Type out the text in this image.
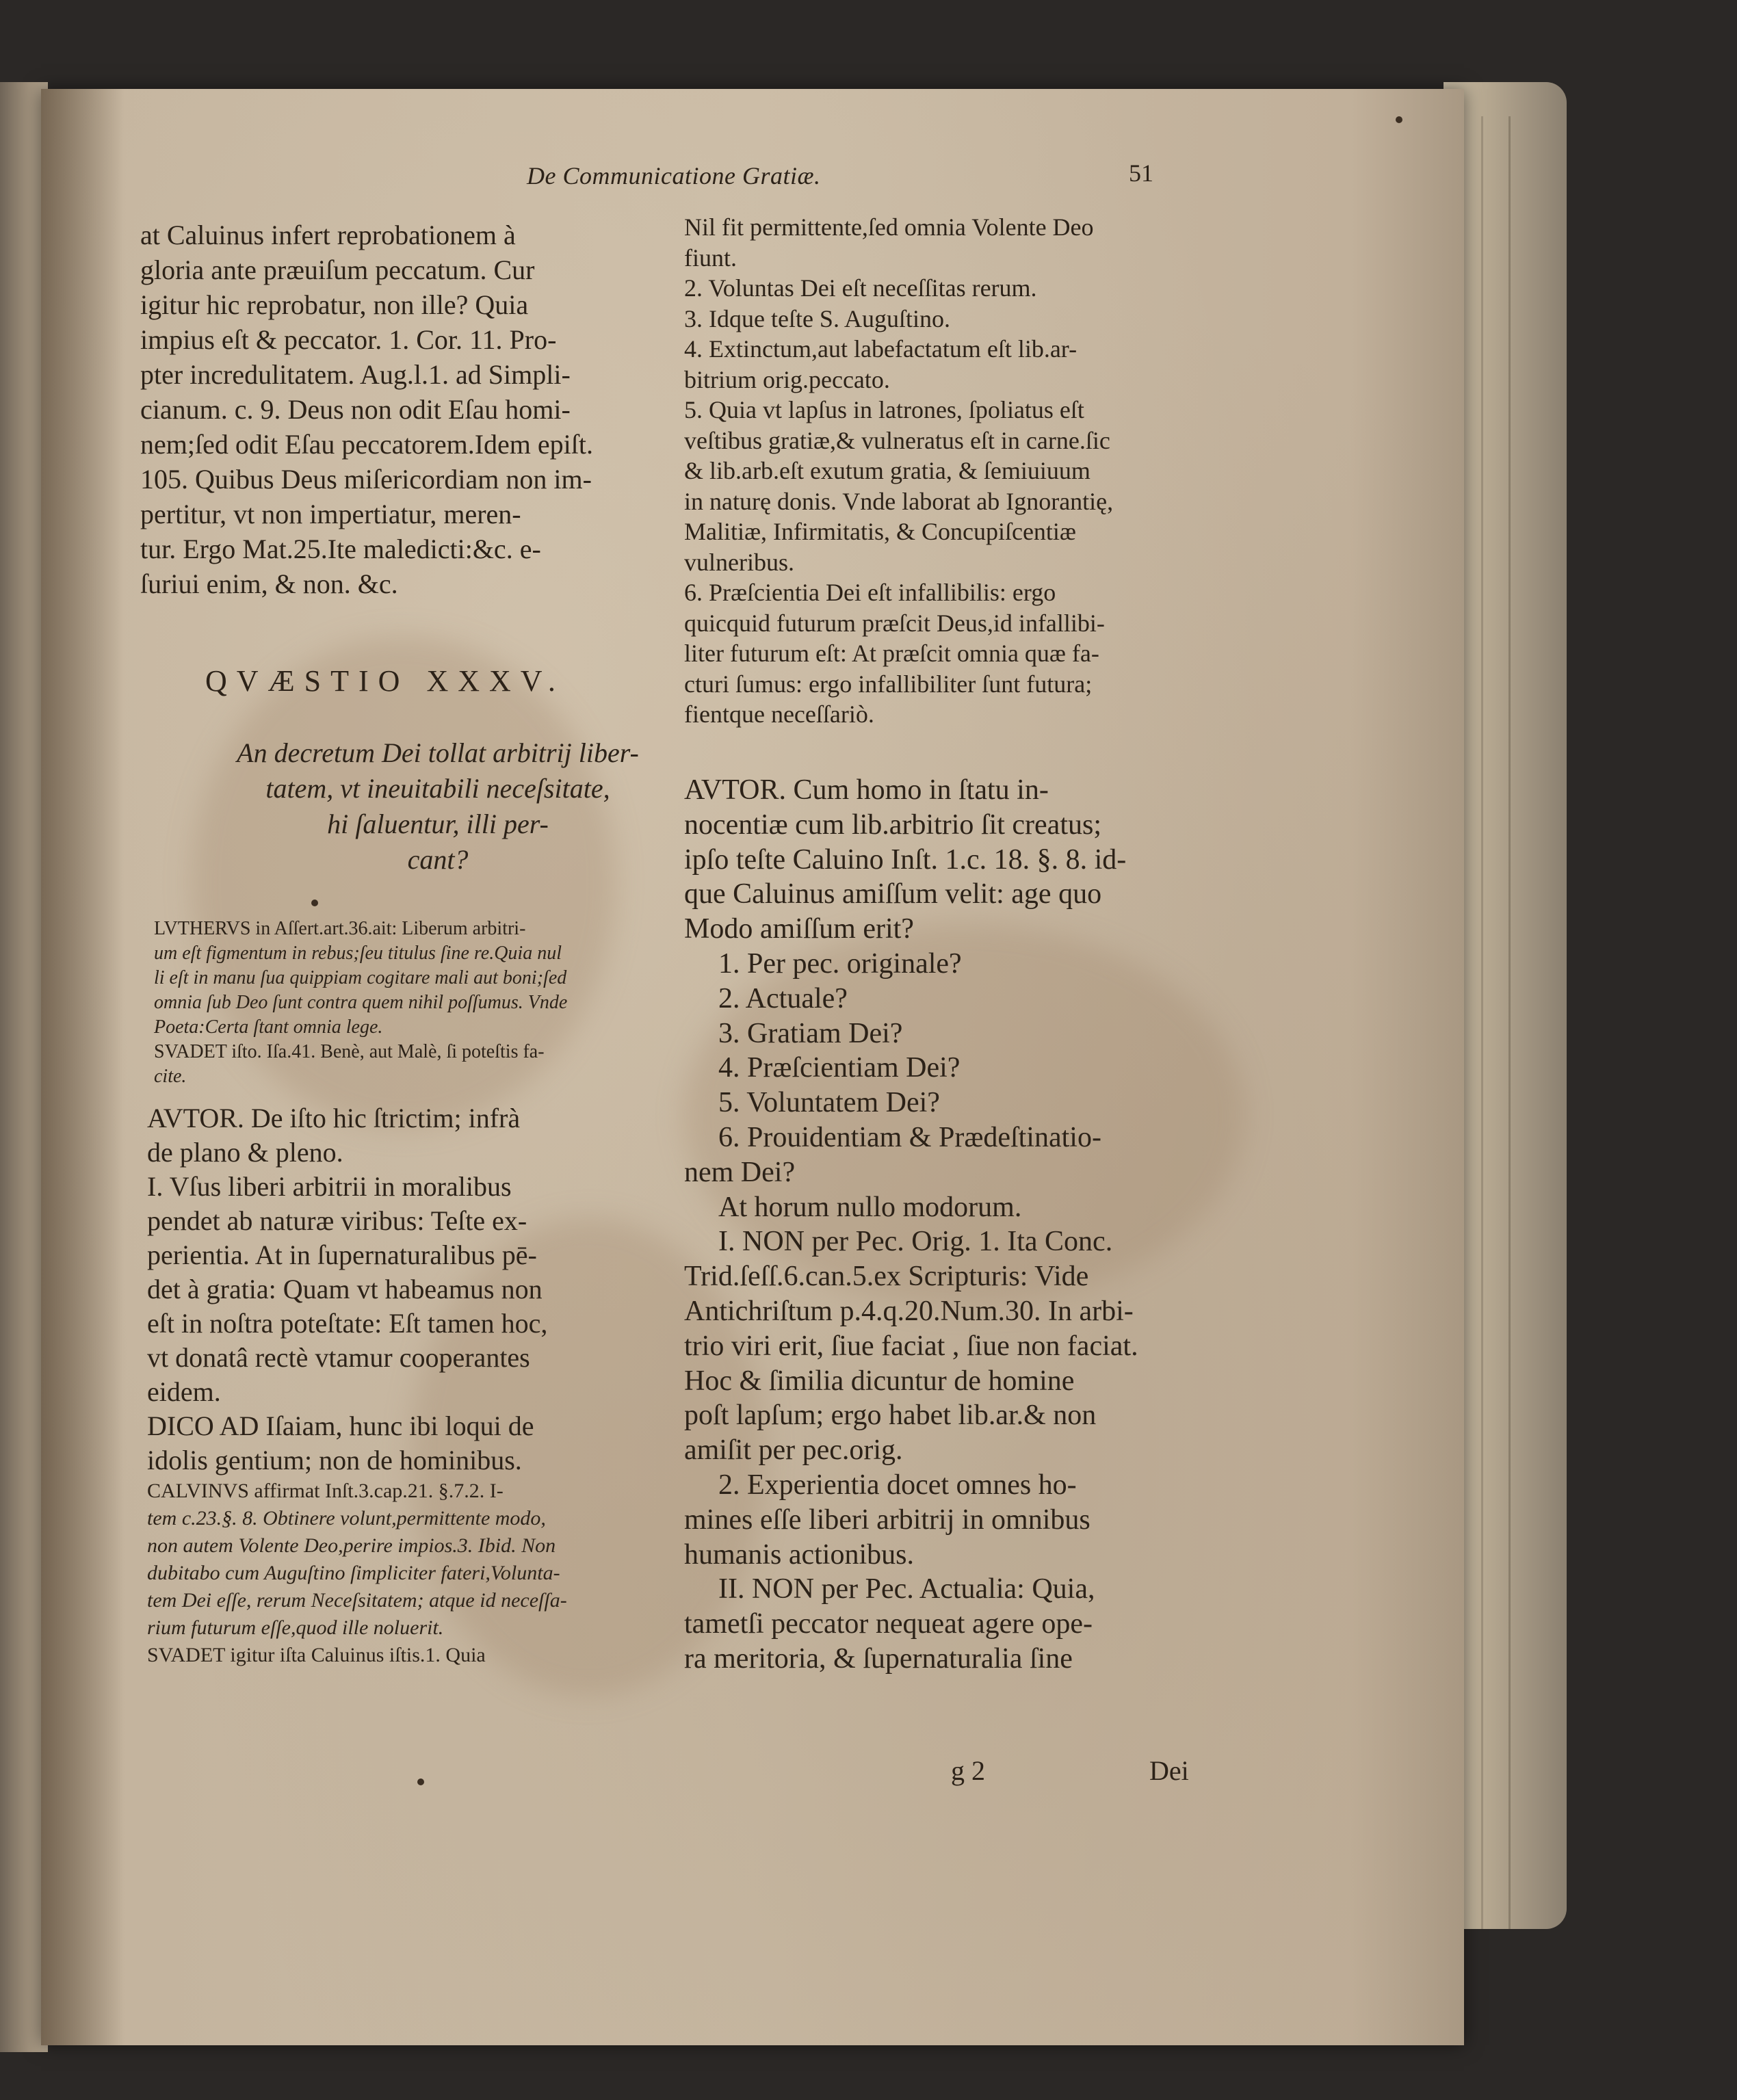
De Communicatione Gratiæ.	51
at Caluinus infert reprobationem à
gloria ante præuiſum peccatum. Cur
igitur hic reprobatur, non ille? Quia
impius eſt & peccator. 1. Cor. 11. Pro-
pter incredulitatem. Aug.l.1. ad Simpli-
cianum. c. 9. Deus non odit Eſau homi-
nem;ſed odit Eſau peccatorem.Idem epiſt.
105. Quibus Deus miſericordiam non im-
pertitur, vt non impertiatur, meren-
tur. Ergo Mat.25.Ite maledicti:&c. e-
ſuriui enim, & non. &c.
QVÆSTIO XXXV.
An decretum Dei tollat arbitrij liber-
tatem, vt ineuitabili neceſsitate,
hi ſaluentur, illi per-
cant?
LVTHERVS in Aſſert.art.36.ait: Liberum arbitri-
um eſt figmentum in rebus;ſeu titulus ſine re.Quia nul
li eſt in manu ſua quippiam cogitare mali aut boni;ſed
omnia ſub Deo ſunt contra quem nihil poſſumus. Vnde
Poeta:Certa ſtant omnia lege.
SVADET iſto. Iſa.41. Benè, aut Malè, ſi poteſtis fa-
cite.
AVTOR. De iſto hic ſtrictim; infrà
de plano & pleno.
I. Vſus liberi arbitrii in moralibus
pendet ab naturæ viribus: Teſte ex-
perientia. At in ſupernaturalibus pē-
det à gratia: Quam vt habeamus non
eſt in noſtra poteſtate: Eſt tamen hoc,
vt donatâ rectè vtamur cooperantes
eidem.
DICO AD Iſaiam, hunc ibi loqui de
idolis gentium; non de hominibus.
CALVINVS affirmat Inſt.3.cap.21. §.7.2. I-
tem c.23.§. 8. Obtinere volunt,permittente modo,
non autem Volente Deo,perire impios.3. Ibid. Non
dubitabo cum Auguſtino ſimpliciter fateri,Volunta-
tem Dei eſſe, rerum Neceſsitatem; atque id neceſſa-
rium futurum eſſe,quod ille noluerit.
SVADET igitur iſta Caluinus iſtis.1. Quia
Nil fit permittente,ſed omnia Volente Deo
fiunt.
2. Voluntas Dei eſt neceſſitas rerum.
3. Idque teſte S. Auguſtino.
4. Extinctum,aut labefactatum eſt lib.ar-
bitrium orig.peccato.
5. Quia vt lapſus in latrones, ſpoliatus eſt
veſtibus gratiæ,& vulneratus eſt in carne.ſic
& lib.arb.eſt exutum gratia, & ſemiuiuum
in naturę donis. Vnde laborat ab Ignorantię,
Malitiæ, Infirmitatis, & Concupiſcentiæ
vulneribus.
6. Præſcientia Dei eſt infallibilis: ergo
quicquid futurum præſcit Deus,id infallibi-
liter futurum eſt: At præſcit omnia quæ fa-
cturi ſumus: ergo infallibiliter ſunt futura;
fientque neceſſariò.
AVTOR. Cum homo in ſtatu in-
nocentiæ cum lib.arbitrio ſit creatus;
ipſo teſte Caluino Inſt. 1.c. 18. §. 8. id-
que Caluinus amiſſum velit: age quo
Modo amiſſum erit?
1. Per pec. originale?
2. Actuale?
3. Gratiam Dei?
4. Præſcientiam Dei?
5. Voluntatem Dei?
6. Prouidentiam & Prædeſtinatio-
nem Dei?
At horum nullo modorum.
I. NON per Pec. Orig. 1. Ita Conc.
Trid.ſeſſ.6.can.5.ex Scripturis: Vide
Antichriſtum p.4.q.20.Num.30. In arbi-
trio viri erit, ſiue faciat , ſiue non faciat.
Hoc & ſimilia dicuntur de homine
poſt lapſum; ergo habet lib.ar.& non
amiſit per pec.orig.
2. Experientia docet omnes ho-
mines eſſe liberi arbitrij in omnibus
humanis actionibus.
II. NON per Pec. Actualia: Quia,
tametſi peccator nequeat agere ope-
ra meritoria, & ſupernaturalia ſine
g 2	Dei
